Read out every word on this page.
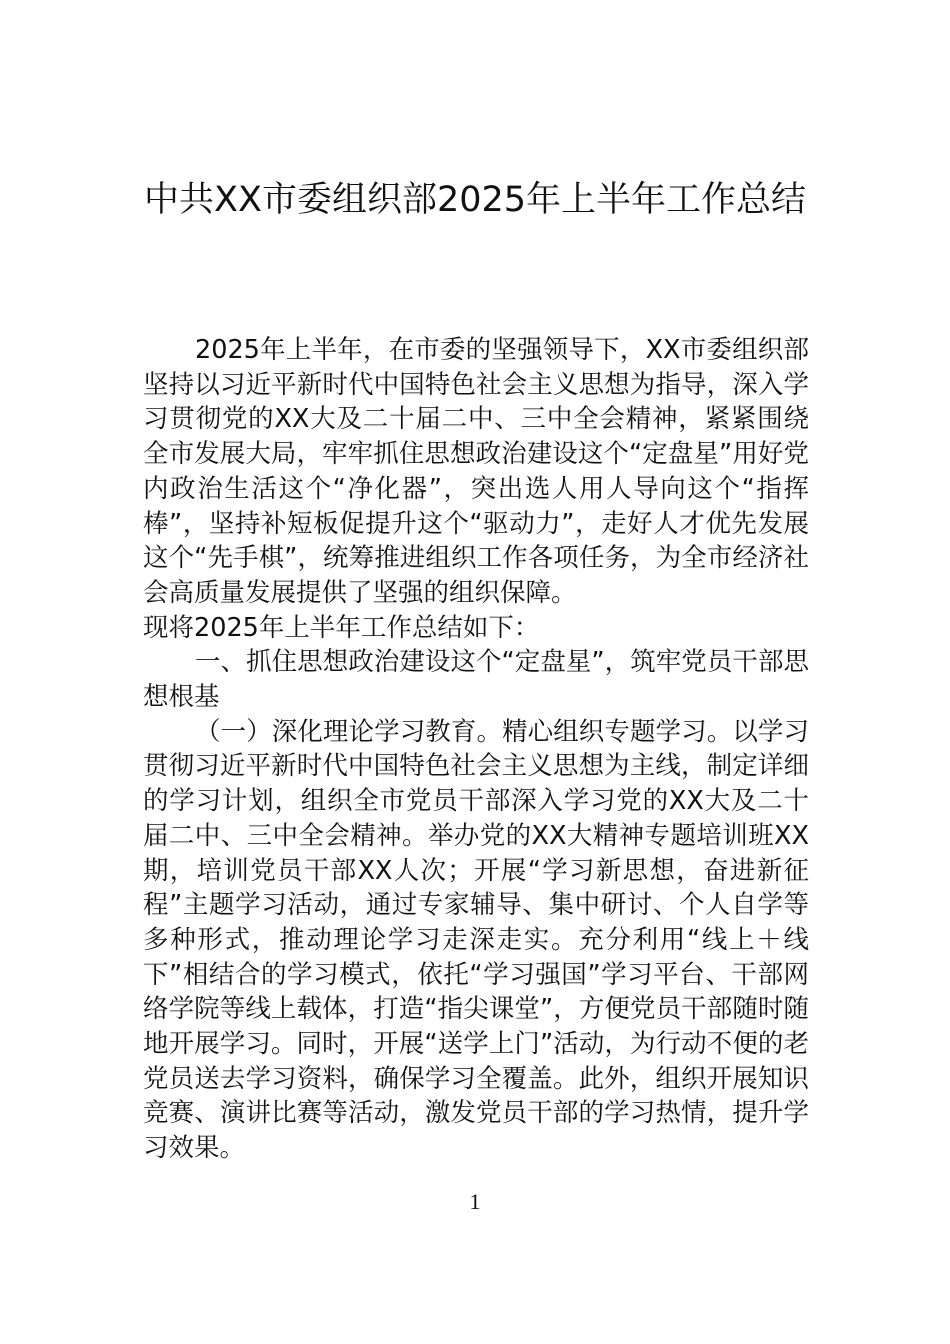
中共XX市委组织部2025年上半年工作总结

2025年上半年，在市委的坚强领导下，XX市委组织部坚持以习近平新时代中国特色社会主义思想为指导，深入学习贯彻党的XX大及二十届二中、三中全会精神，紧紧围绕全市发展大局，牢牢抓住思想政治建设这个“定盘星”用好党内政治生活这个“净化器”，突出选人用人导向这个“指挥棒”，坚持补短板促提升这个“驱动力”，走好人才优先发展这个“先手棋”，统筹推进组织工作各项任务，为全市经济社会高质量发展提供了坚强的组织保障。

现将2025年上半年工作总结如下：

一、抓住思想政治建设这个“定盘星”，筑牢党员干部思想根基

（一）深化理论学习教育。精心组织专题学习。以学习贯彻习近平新时代中国特色社会主义思想为主线，制定详细的学习计划，组织全市党员干部深入学习党的XX大及二十届二中、三中全会精神。举办党的XX大精神专题培训班XX期，培训党员干部XX人次；开展“学习新思想，奋进新征程”主题学习活动，通过专家辅导、集中研讨、个人自学等多种形式，推动理论学习走深走实。充分利用“线上＋线下”相结合的学习模式，依托“学习强国”学习平台、干部网络学院等线上载体，打造“指尖课堂”，方便党员干部随时随地开展学习。同时，开展“送学上门”活动，为行动不便的老党员送去学习资料，确保学习全覆盖。此外，组织开展知识竞赛、演讲比赛等活动，激发党员干部的学习热情，提升学习效果。

1
